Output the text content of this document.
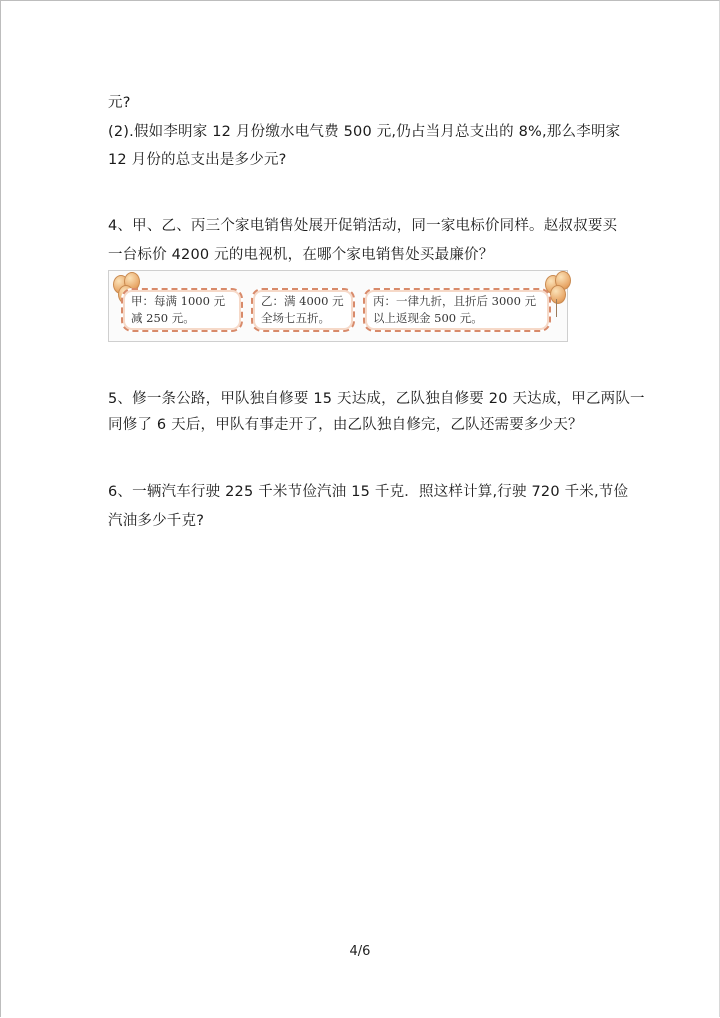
元?
(2).假如李明家 12 月份缴水电气费 500 元,仍占当月总支出的 8%,那么李明家
12 月份的总支出是多少元?
4、甲、乙、丙三个家电销售处展开促销活动，同一家电标价同样。赵叔叔要买
一台标价 4200 元的电视机，在哪个家电销售处买最廉价？
甲：每满 1000 元
减 250 元。
乙：满 4000 元
全场七五折。
丙：一律九折，且折后 3000 元
以上返现金 500 元。
5、修一条公路，甲队独自修要 15 天达成，乙队独自修要 20 天达成，甲乙两队一
同修了 6 天后，甲队有事走开了，由乙队独自修完，乙队还需要多少天？
6、一辆汽车行驶 225 千米节俭汽油 15 千克．照这样计算,行驶 720 千米,节俭
汽油多少千克?
4/6
